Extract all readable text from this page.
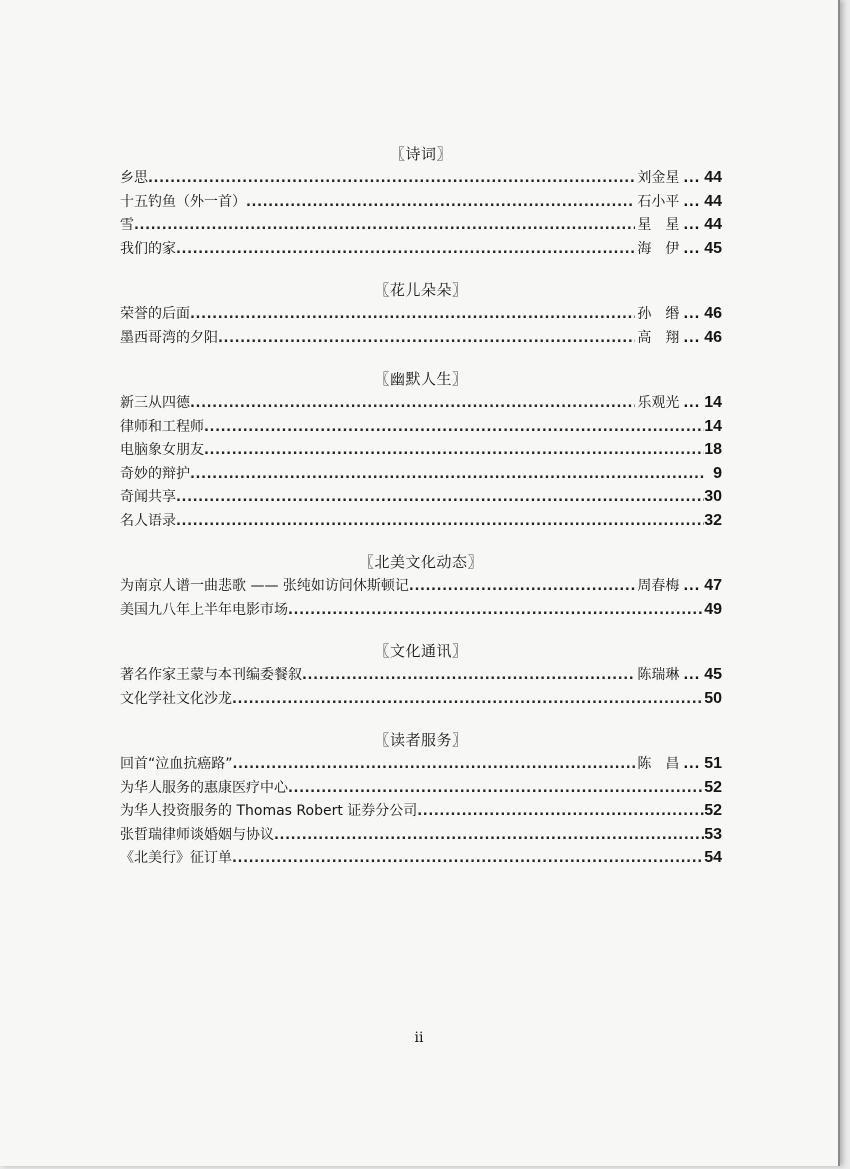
〖诗词〗
乡思 .....	刘金星 ... 44
十五钓鱼（外一首） .....	石小平 ... 44
雪 .....	星　星 ... 44
我们的家 .....	海　伊 ... 45
〖花儿朵朵〗
荣誉的后面 .....	孙　缗 ... 46
墨西哥湾的夕阳 .....	高　翔 ... 46
〖幽默人生〗
新三从四德 .....	乐观光 ... 14
律师和工程师 .....	14
电脑象女朋友 .....	18
奇妙的辩护 .....	9
奇闻共享 .....	30
名人语录 .....	32
〖北美文化动态〗
为南京人谱一曲悲歌 —— 张纯如访问休斯顿记 .....	周春梅 ... 47
美国九八年上半年电影市场 .....	49
〖文化通讯〗
著名作家王蒙与本刊编委餐叙 .....	陈瑞琳 ... 45
文化学社文化沙龙 .....	50
〖读者服务〗
回首“泣血抗癌路” .....	陈　昌 ... 51
为华人服务的惠康医疗中心 .....	52
为华人投资服务的 Thomas Robert 证券分公司 .....	52
张晢瑞律师谈婚姻与协议 .....	53
《北美行》征订单 .....	54
ii
